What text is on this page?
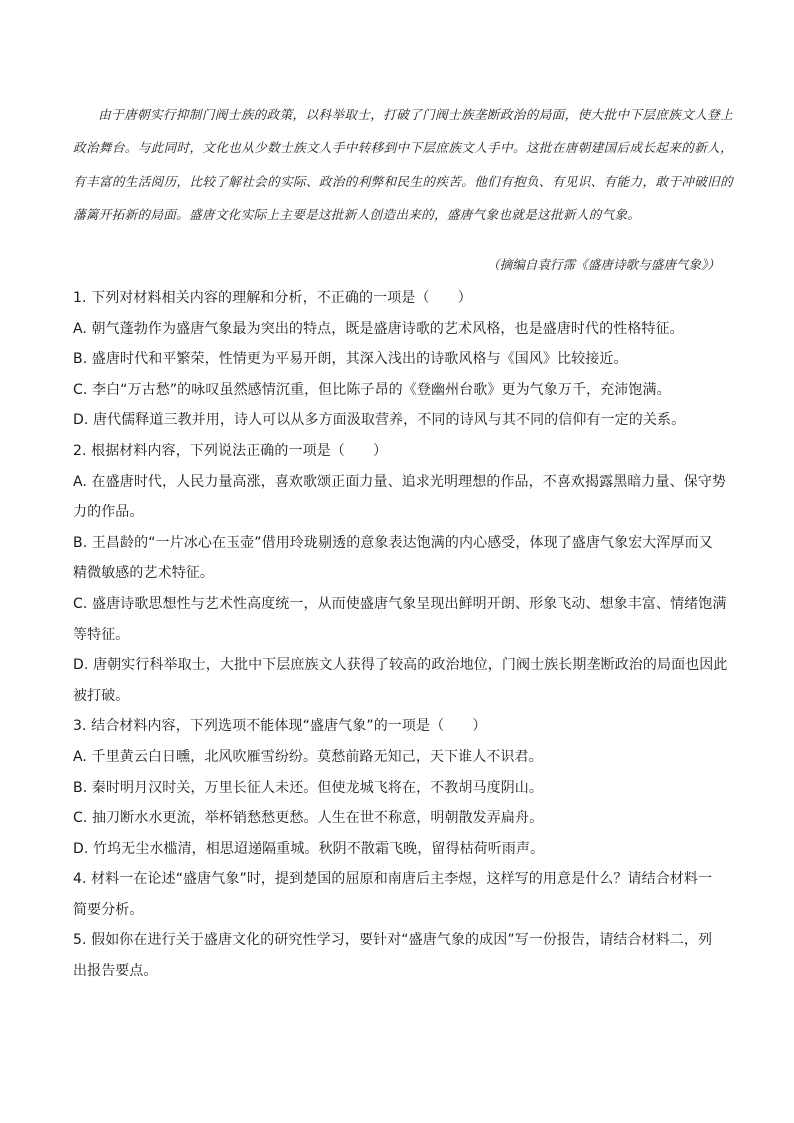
由于唐朝实行抑制门阀士族的政策，以科举取士，打破了门阀士族垄断政治的局面，使大批中下层庶族文人登上政治舞台。与此同时，文化也从少数士族文人手中转移到中下层庶族文人手中。这批在唐朝建国后成长起来的新人，有丰富的生活阅历，比较了解社会的实际、政治的利弊和民生的疾苦。他们有抱负、有见识、有能力，敢于冲破旧的藩篱开拓新的局面。盛唐文化实际上主要是这批新人创造出来的，盛唐气象也就是这批新人的气象。

（摘编自袁行霈《盛唐诗歌与盛唐气象》）

1. 下列对材料相关内容的理解和分析，不正确的一项是（　　）

A. 朝气蓬勃作为盛唐气象最为突出的特点，既是盛唐诗歌的艺术风格，也是盛唐时代的性格特征。

B. 盛唐时代和平繁荣，性情更为平易开朗，其深入浅出的诗歌风格与《国风》比较接近。

C. 李白“万古愁”的咏叹虽然感情沉重，但比陈子昂的《登幽州台歌》更为气象万千，充沛饱满。

D. 唐代儒释道三教并用，诗人可以从多方面汲取营养，不同的诗风与其不同的信仰有一定的关系。

2. 根据材料内容，下列说法正确的一项是（　　）

A. 在盛唐时代，人民力量高涨，喜欢歌颂正面力量、追求光明理想的作品，不喜欢揭露黑暗力量、保守势

力的作品。

B. 王昌龄的“一片冰心在玉壶”借用玲珑剔透的意象表达饱满的内心感受，体现了盛唐气象宏大浑厚而又

精微敏感的艺术特征。

C. 盛唐诗歌思想性与艺术性高度统一，从而使盛唐气象呈现出鲜明开朗、形象飞动、想象丰富、情绪饱满

等特征。

D. 唐朝实行科举取士，大批中下层庶族文人获得了较高的政治地位，门阀士族长期垄断政治的局面也因此

被打破。

3. 结合材料内容，下列选项不能体现“盛唐气象”的一项是（　　）

A. 千里黄云白日曛，北风吹雁雪纷纷。莫愁前路无知己，天下谁人不识君。

B. 秦时明月汉时关，万里长征人未还。但使龙城飞将在，不教胡马度阴山。

C. 抽刀断水水更流，举杯销愁愁更愁。人生在世不称意，明朝散发弄扁舟。

D. 竹坞无尘水槛清，相思迢递隔重城。秋阴不散霜飞晚，留得枯荷听雨声。

4. 材料一在论述“盛唐气象”时，提到楚国的屈原和南唐后主李煜，这样写的用意是什么？请结合材料一

简要分析。

5. 假如你在进行关于盛唐文化的研究性学习，要针对“盛唐气象的成因”写一份报告，请结合材料二，列

出报告要点。
